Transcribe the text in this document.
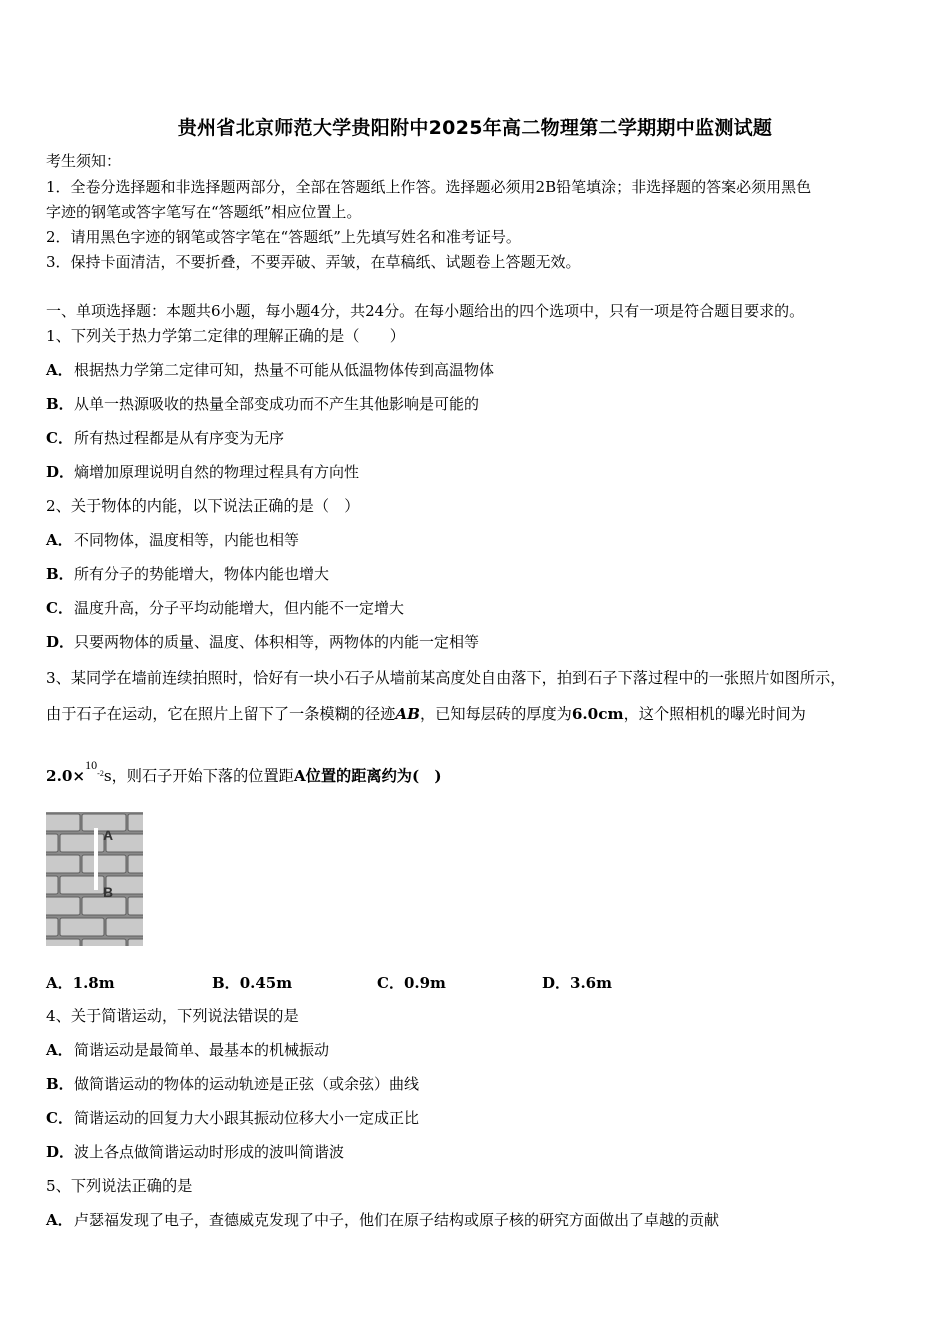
贵州省北京师范大学贵阳附中2025年高二物理第二学期期中监测试题
考生须知：
1．全卷分选择题和非选择题两部分，全部在答题纸上作答。选择题必须用2B铅笔填涂；非选择题的答案必须用黑色
字迹的钢笔或答字笔写在“答题纸”相应位置上。
2．请用黑色字迹的钢笔或答字笔在“答题纸”上先填写姓名和准考证号。
3．保持卡面清洁，不要折叠，不要弄破、弄皱，在草稿纸、试题卷上答题无效。
一、单项选择题：本题共6小题，每小题4分，共24分。在每小题给出的四个选项中，只有一项是符合题目要求的。
1、下列关于热力学第二定律的理解正确的是（　　）
A．根据热力学第二定律可知，热量不可能从低温物体传到高温物体
B．从单一热源吸收的热量全部变成功而不产生其他影响是可能的
C．所有热过程都是从有序变为无序
D．熵增加原理说明自然的物理过程具有方向性
2、关于物体的内能，以下说法正确的是（　）
A．不同物体，温度相等，内能也相等
B．所有分子的势能增大，物体内能也增大
C．温度升高，分子平均动能增大，但内能不一定增大
D．只要两物体的质量、温度、体积相等，两物体的内能一定相等
3、某同学在墙前连续拍照时，恰好有一块小石子从墙前某高度处自由落下，拍到石子下落过程中的一张照片如图所示，
由于石子在运动，它在照片上留下了一条模糊的径迹AB，已知每层砖的厚度为6.0cm，这个照相机的曝光时间为
2.0×$^{10-2}$s，则石子开始下落的位置距A位置的距离约为(　)
A
B
A．1.8m	B．0.45m	C．0.9m	D．3.6m
4、关于简谐运动，下列说法错误的是
A．简谐运动是最简单、最基本的机械振动
B．做简谐运动的物体的运动轨迹是正弦（或余弦）曲线
C．简谐运动的回复力大小跟其振动位移大小一定成正比
D．波上各点做简谐运动时形成的波叫简谐波
5、下列说法正确的是
A．卢瑟福发现了电子，查德威克发现了中子，他们在原子结构或原子核的研究方面做出了卓越的贡献
